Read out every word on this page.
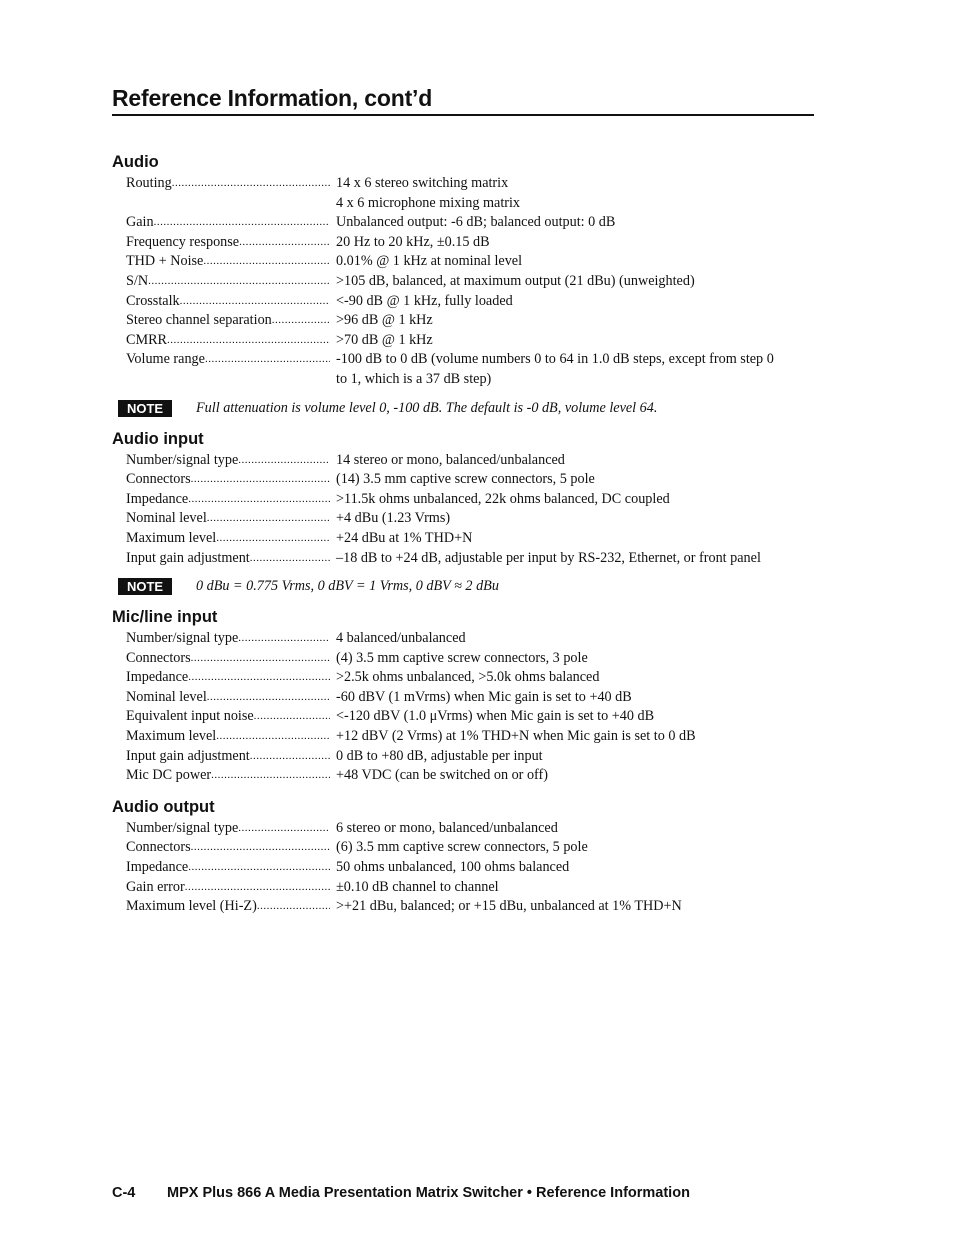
Reference Information, cont’d
Audio
Routing .....	14 x 6 stereo switching matrix
4 x 6 microphone mixing matrix
Gain .....	Unbalanced output: -6 dB; balanced output: 0 dB
Frequency response .....	20 Hz to 20 kHz, ±0.15 dB
THD + Noise .....	0.01% @ 1 kHz at nominal level
S/N .....	>105 dB, balanced, at maximum output (21 dBu) (unweighted)
Crosstalk .....	<-90 dB @ 1 kHz, fully loaded
Stereo channel separation .....	>96 dB @ 1 kHz
CMRR .....	>70 dB @ 1 kHz
Volume range .....	-100 dB to 0 dB (volume numbers 0 to 64 in 1.0 dB steps, except from step 0
to 1, which is a 37 dB step)
NOTE	Full attenuation is volume level 0, -100 dB. The default is -0 dB, volume level 64.
Audio input
Number/signal type .....	14 stereo or mono, balanced/unbalanced
Connectors .....	(14) 3.5 mm captive screw connectors, 5 pole
Impedance .....	>11.5k ohms unbalanced, 22k ohms balanced, DC coupled
Nominal level .....	+4 dBu (1.23 Vrms)
Maximum level .....	+24 dBu at 1% THD+N
Input gain adjustment .....	–18 dB to +24 dB, adjustable per input by RS-232, Ethernet, or front panel
NOTE	0 dBu = 0.775 Vrms, 0 dBV = 1 Vrms, 0 dBV ≈ 2 dBu
Mic/line input
Number/signal type .....	4 balanced/unbalanced
Connectors .....	(4) 3.5 mm captive screw connectors, 3 pole
Impedance .....	>2.5k ohms unbalanced, >5.0k ohms balanced
Nominal level .....	-60 dBV (1 mVrms) when Mic gain is set to +40 dB
Equivalent input noise .....	<-120 dBV (1.0 μVrms) when Mic gain is set to +40 dB
Maximum level .....	+12 dBV (2 Vrms) at 1% THD+N when Mic gain is set to 0 dB
Input gain adjustment .....	0 dB to +80 dB, adjustable per input
Mic DC power .....	+48 VDC (can be switched on or off)
Audio output
Number/signal type .....	6 stereo or mono, balanced/unbalanced
Connectors .....	(6) 3.5 mm captive screw connectors, 5 pole
Impedance .....	50 ohms unbalanced, 100 ohms balanced
Gain error .....	±0.10 dB channel to channel
Maximum level (Hi-Z) .....	>+21 dBu, balanced; or +15 dBu, unbalanced at 1% THD+N
C-4 MPX Plus 866 A Media Presentation Matrix Switcher • Reference Information
